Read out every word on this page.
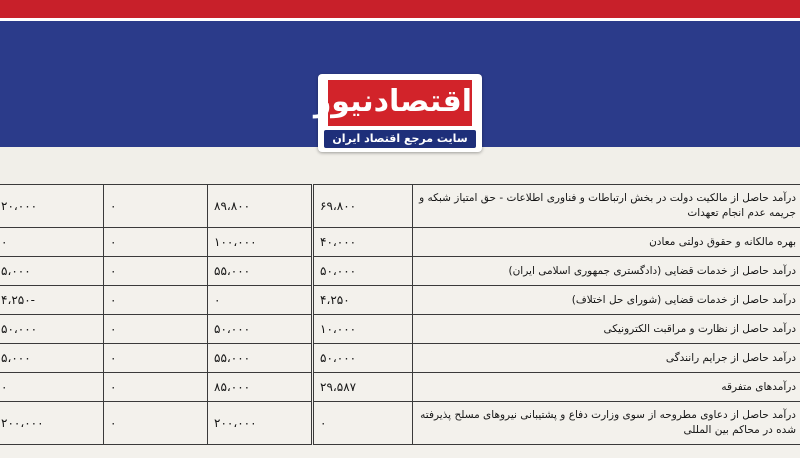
اقتصادنیوز
سایت مرجع اقتصاد ایران
۲۰،۰۰۰	۰	۸۹،۸۰۰	۶۹،۸۰۰	درآمد حاصل از مالکیت دولت در بخش ارتباطات و فناوری اطلاعات - حق امتیاز شبکه و جریمه عدم انجام تعهدات
۰	۰	۱۰۰،۰۰۰	۴۰،۰۰۰	بهره مالکانه و حقوق دولتی معادن
۵،۰۰۰	۰	۵۵،۰۰۰	۵۰،۰۰۰	درآمد حاصل از خدمات قضایی (دادگستری جمهوری اسلامی ایران)
-۴،۲۵۰	۰	۰	۴،۲۵۰	درآمد حاصل از خدمات قضایی (شورای حل اختلاف)
۵۰،۰۰۰	۰	۵۰،۰۰۰	۱۰،۰۰۰	درآمد حاصل از نظارت و مراقبت الکترونیکی
۵،۰۰۰	۰	۵۵،۰۰۰	۵۰،۰۰۰	درآمد حاصل از جرایم رانندگی
۰	۰	۸۵،۰۰۰	۲۹،۵۸۷	درآمدهای متفرقه
۲۰۰،۰۰۰	۰	۲۰۰،۰۰۰	۰	درآمد حاصل از دعاوی مطروحه از سوی وزارت دفاع و پشتیبانی نیروهای مسلح پذیرفته شده در محاکم بین المللی
